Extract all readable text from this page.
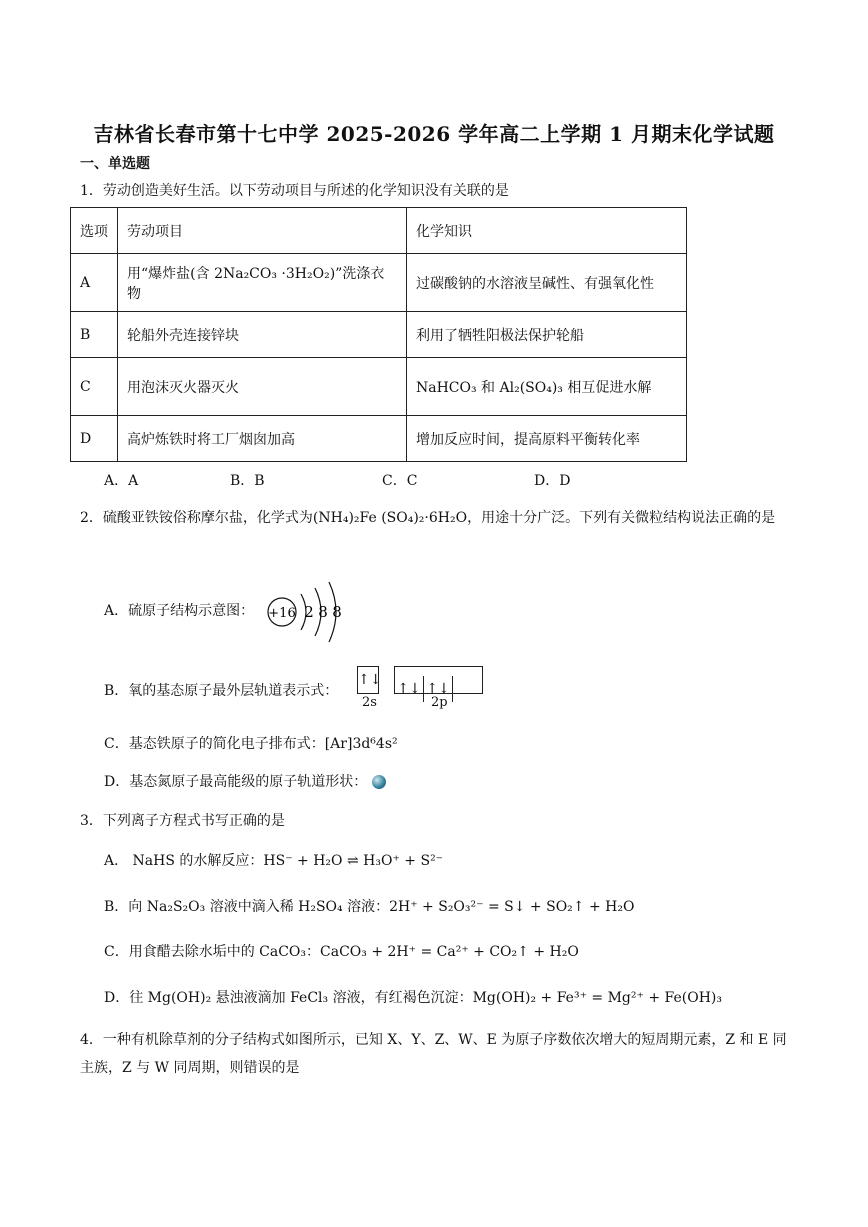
吉林省长春市第十七中学 2025-2026 学年高二上学期 1 月期末化学试题
一、单选题
1．劳动创造美好生活。以下劳动项目与所述的化学知识没有关联的是
选项	劳动项目	化学知识
A	用“爆炸盐(含 2Na₂CO₃ ·3H₂O₂)”洗涤衣物	过碳酸钠的水溶液呈碱性、有强氧化性
B	轮船外壳连接锌块	利用了牺牲阳极法保护轮船
C	用泡沫灭火器灭火	NaHCO₃ 和 Al₂(SO₄)₃ 相互促进水解
D	高炉炼铁时将工厂烟囱加高	增加反应时间，提高原料平衡转化率
A．A	B．B	C．C	D．D
2．硫酸亚铁铵俗称摩尔盐，化学式为(NH₄)₂Fe (SO₄)₂·6H₂O，用途十分广泛。下列有关微粒结构说法正确的是
A．硫原子结构示意图： +16 2 8 8
B．氧的基态原子最外层轨道表示式：
↑↓
↑↓ ↑↓
2s	2p
C．基态铁原子的简化电子排布式：[Ar]3d⁶4s²
D．基态氮原子最高能级的原子轨道形状：
3．下列离子方程式书写正确的是
A． NaHS 的水解反应：HS⁻ + H₂O ⇌ H₃O⁺ + S²⁻
B．向 Na₂S₂O₃ 溶液中滴入稀 H₂SO₄ 溶液：2H⁺ + S₂O₃²⁻ = S↓ + SO₂↑ + H₂O
C．用食醋去除水垢中的 CaCO₃：CaCO₃ + 2H⁺ = Ca²⁺ + CO₂↑ + H₂O
D．往 Mg(OH)₂ 悬浊液滴加 FeCl₃ 溶液，有红褐色沉淀：Mg(OH)₂ + Fe³⁺ = Mg²⁺ + Fe(OH)₃
4．一种有机除草剂的分子结构式如图所示，已知 X、Y、Z、W、E 为原子序数依次增大的短周期元素，Z 和 E 同主族，Z 与 W 同周期，则错误的是
